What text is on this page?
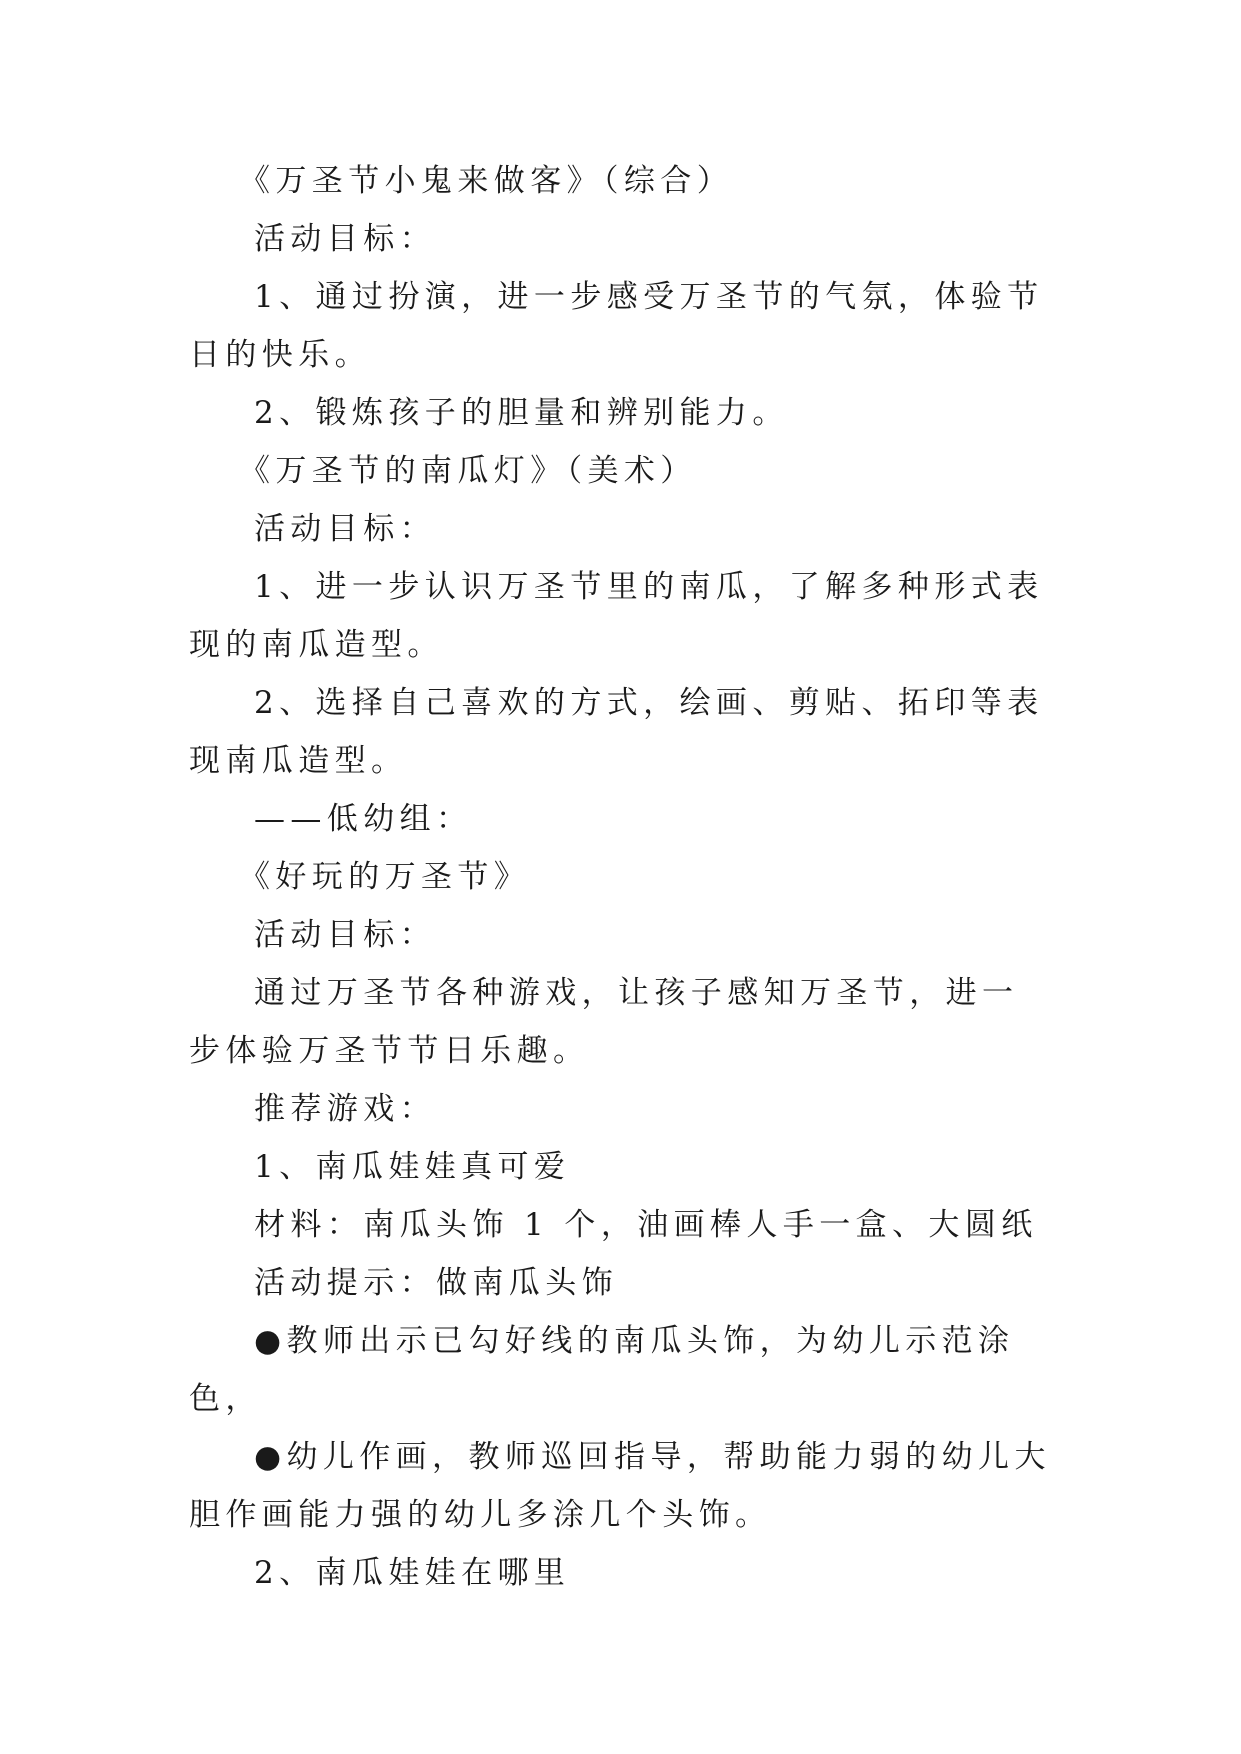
《万圣节小鬼来做客》（综合）

活动目标：

1、通过扮演，进一步感受万圣节的气氛，体验节日的快乐。

2、锻炼孩子的胆量和辨别能力。

《万圣节的南瓜灯》（美术）

活动目标：

1、进一步认识万圣节里的南瓜，了解多种形式表现的南瓜造型。

2、选择自己喜欢的方式，绘画、剪贴、拓印等表现南瓜造型。

——低幼组：

《好玩的万圣节》

活动目标：

通过万圣节各种游戏，让孩子感知万圣节，进一步体验万圣节节日乐趣。

推荐游戏：

1、南瓜娃娃真可爱

材料：南瓜头饰 1 个，油画棒人手一盒、大圆纸

活动提示：做南瓜头饰

●教师出示已勾好线的南瓜头饰，为幼儿示范涂色，

●幼儿作画，教师巡回指导，帮助能力弱的幼儿大胆作画能力强的幼儿多涂几个头饰。

2、南瓜娃娃在哪里
